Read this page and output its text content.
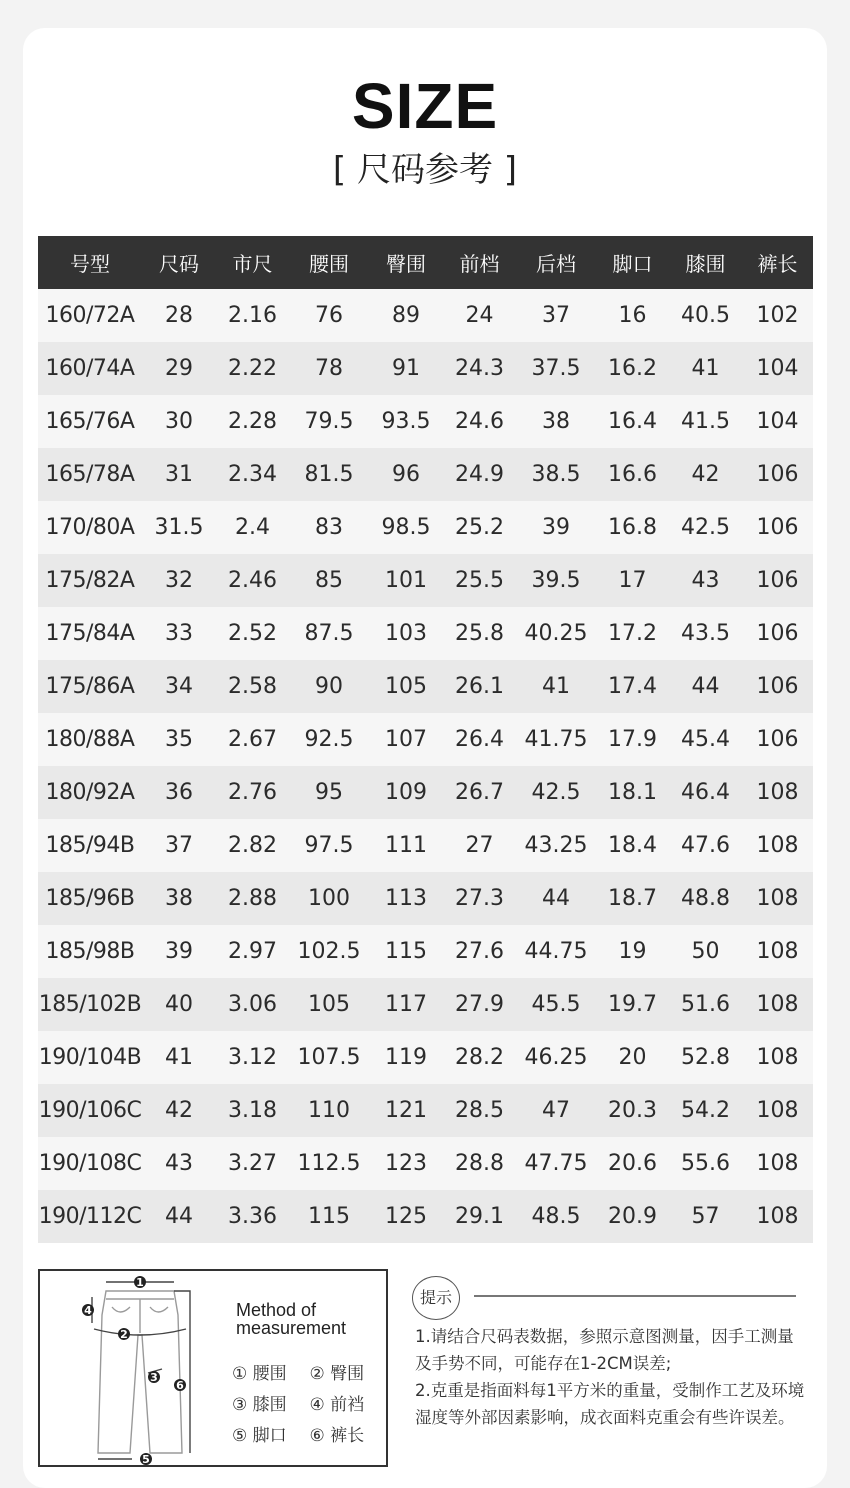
SIZE
[ 尺码参考 ]
号型	尺码	市尺	腰围	臀围	前档	后档	脚口	膝围	裤长
160/72A	28	2.16	76	89	24	37	16	40.5	102
160/74A	29	2.22	78	91	24.3	37.5	16.2	41	104
165/76A	30	2.28	79.5	93.5	24.6	38	16.4	41.5	104
165/78A	31	2.34	81.5	96	24.9	38.5	16.6	42	106
170/80A	31.5	2.4	83	98.5	25.2	39	16.8	42.5	106
175/82A	32	2.46	85	101	25.5	39.5	17	43	106
175/84A	33	2.52	87.5	103	25.8	40.25	17.2	43.5	106
175/86A	34	2.58	90	105	26.1	41	17.4	44	106
180/88A	35	2.67	92.5	107	26.4	41.75	17.9	45.4	106
180/92A	36	2.76	95	109	26.7	42.5	18.1	46.4	108
185/94B	37	2.82	97.5	111	27	43.25	18.4	47.6	108
185/96B	38	2.88	100	113	27.3	44	18.7	48.8	108
185/98B	39	2.97	102.5	115	27.6	44.75	19	50	108
185/102B	40	3.06	105	117	27.9	45.5	19.7	51.6	108
190/104B	41	3.12	107.5	119	28.2	46.25	20	52.8	108
190/106C	42	3.18	110	121	28.5	47	20.3	54.2	108
190/108C	43	3.27	112.5	123	28.8	47.75	20.6	55.6	108
190/112C	44	3.36	115	125	29.1	48.5	20.9	57	108
1
2
3
4
5
6
Method of
measurement
① 腰围	② 臀围
③ 膝围	④ 前裆
⑤ 脚口	⑥ 裤长
提示

1.请结合尺码表数据，参照示意图测量，因手工测量及手势不同，可能存在1-2CM误差;

2.克重是指面料每1平方米的重量，受制作工艺及环境湿度等外部因素影响，成衣面料克重会有些许误差。
